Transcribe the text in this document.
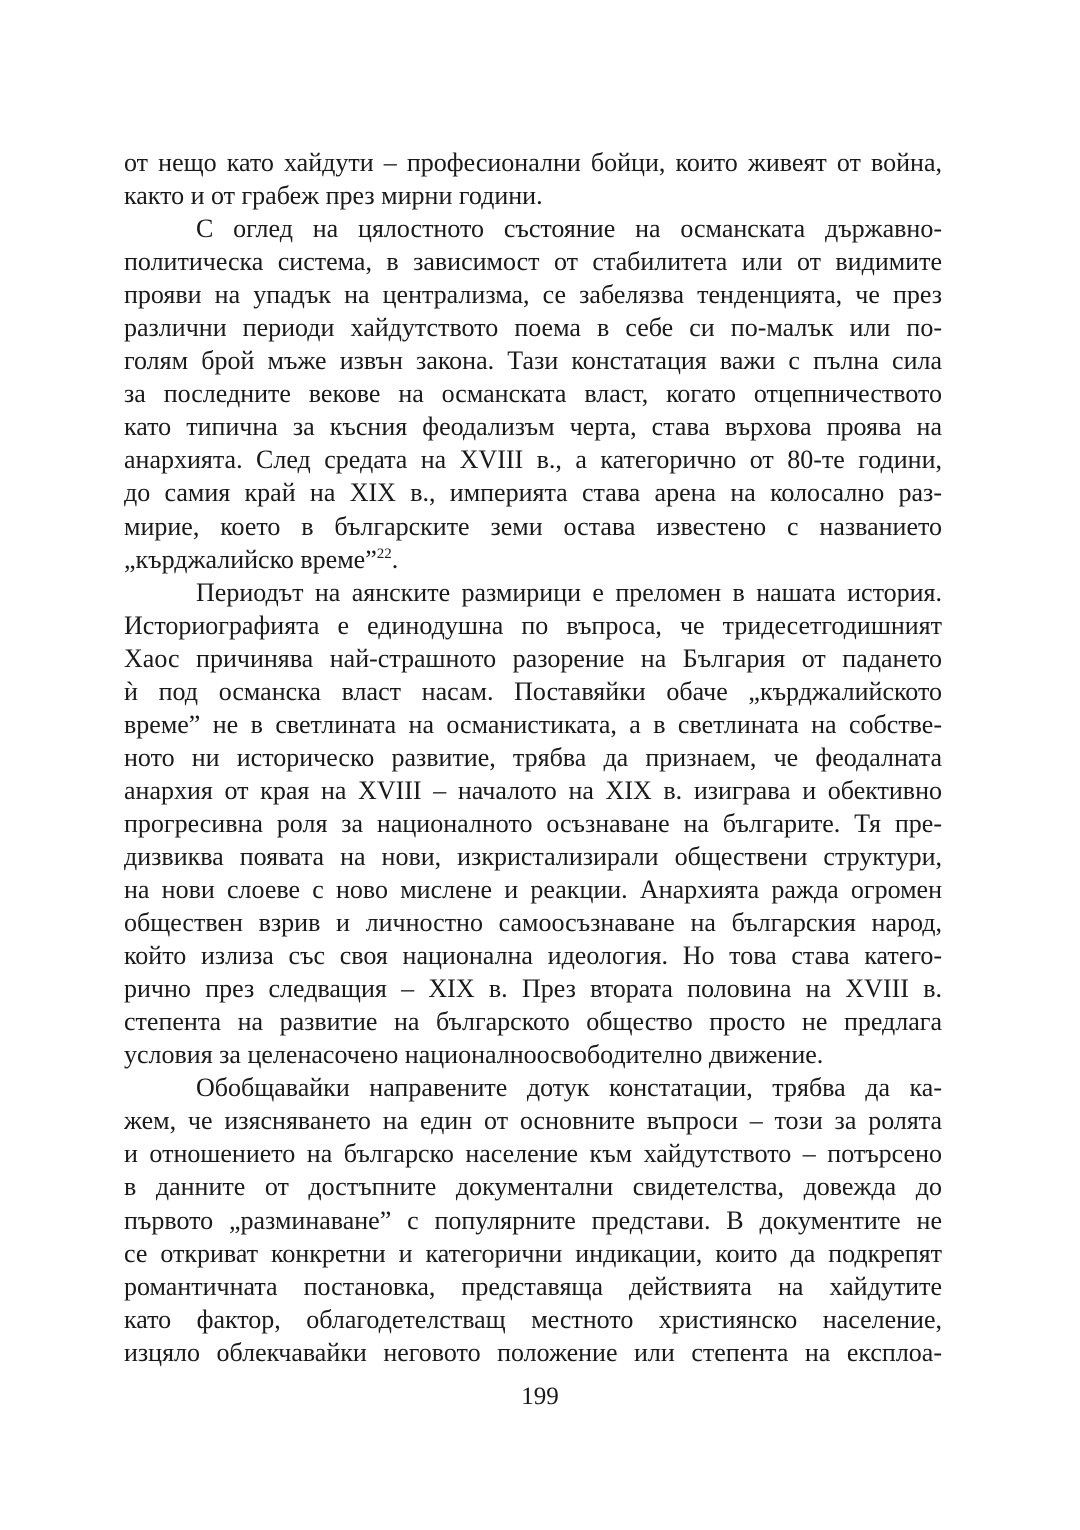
от нещо като хайдути – професионални бойци, които живеят от война,
както и от грабеж през мирни години.
С оглед на цялостното състояние на османската държавно-
политическа система, в зависимост от стабилитета или от видимите
прояви на упадък на централизма, се забелязва тенденцията, че през
различни периоди хайдутството поема в себе си по-малък или по-
голям брой мъже извън закона. Тази констатация важи с пълна сила
за последните векове на османската власт, когато отцепничеството
като типична за късния феодализъм черта, става върхова проява на
анархията. След средата на XVIII в., а категорично от 80-те години,
до самия край на XIX в., империята става арена на колосално раз-
мирие, което в българските земи остава известено с названието
„кърджалийско време”$^{22}$.
Периодът на аянските размирици е преломен в нашата история.
Историографията е единодушна по въпроса, че тридесетгодишният
Хаос причинява най-страшното разорение на България от падането
ѝ под османска власт насам. Поставяйки обаче „кърджалийското
време” не в светлината на османистиката, а в светлината на собстве-
ното ни историческо развитие, трябва да признаем, че феодалната
анархия от края на XVIII – началото на XIX в. изиграва и обективно
прогресивна роля за националното осъзнаване на българите. Тя пре-
дизвиква появата на нови, изкристализирали обществени структури,
на нови слоеве с ново мислене и реакции. Анархията ражда огромен
обществен взрив и личностно самоосъзнаване на българския народ,
който излиза със своя национална идеология. Но това става катего-
рично през следващия – XIX в. През втората половина на XVIII в.
степента на развитие на българското общество просто не предлага
условия за целенасочено националноосвободително движение.
Обобщавайки направените дотук констатации, трябва да ка-
жем, че изясняването на един от основните въпроси – този за ролята
и отношението на българско население към хайдутството – потърсено
в данните от достъпните документални свидетелства, довежда до
първото „разминаване” с популярните представи. В документите не
се откриват конкретни и категорични индикации, които да подкрепят
романтичната постановка, представяща действията на хайдутите
като фактор, облагодетелстващ местното християнско население,
изцяло облекчавайки неговото положение или степента на експлоа-
199
